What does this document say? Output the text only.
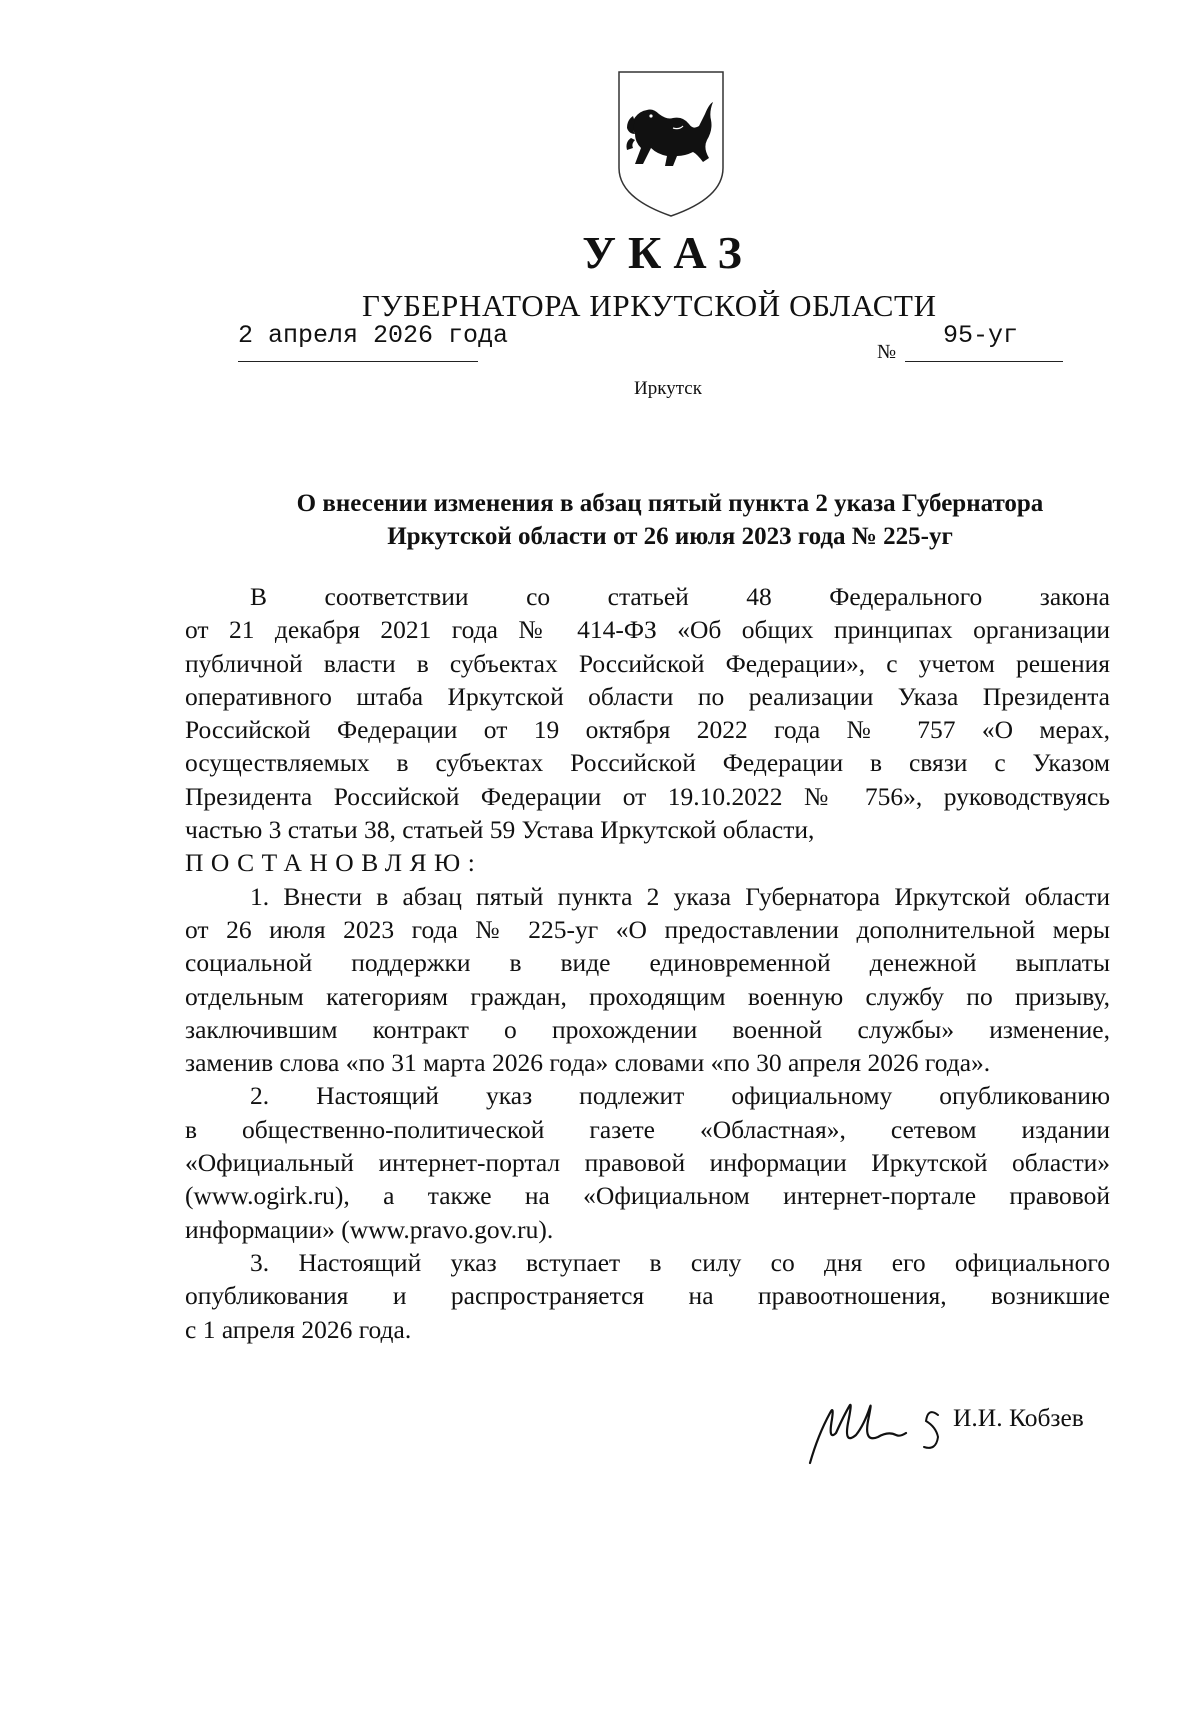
УКАЗ
ГУБЕРНАТОРА ИРКУТСКОЙ ОБЛАСТИ
2 апреля 2026 года
№
95-уг
Иркутск
О внесении изменения в абзац пятый пункта 2 указа Губернатора
Иркутской области от 26 июля 2023 года № 225-уг
В соответствии со статьей 48 Федерального закона
от 21 декабря 2021 года № 414-ФЗ «Об общих принципах организации
публичной власти в субъектах Российской Федерации», с учетом решения
оперативного штаба Иркутской области по реализации Указа Президента
Российской Федерации от 19 октября 2022 года № 757 «О мерах,
осуществляемых в субъектах Российской Федерации в связи с Указом
Президента Российской Федерации от 19.10.2022 № 756», руководствуясь
частью 3 статьи 38, статьей 59 Устава Иркутской области,
ПОСТАНОВЛЯЮ:
1. Внести в абзац пятый пункта 2 указа Губернатора Иркутской области
от 26 июля 2023 года № 225-уг «О предоставлении дополнительной меры
социальной поддержки в виде единовременной денежной выплаты
отдельным категориям граждан, проходящим военную службу по призыву,
заключившим контракт о прохождении военной службы» изменение,
заменив слова «по 31 марта 2026 года» словами «по 30 апреля 2026 года».
2. Настоящий указ подлежит официальному опубликованию
в общественно-политической газете «Областная», сетевом издании
«Официальный интернет-портал правовой информации Иркутской области»
(www.ogirk.ru), а также на «Официальном интернет-портале правовой
информации» (www.pravo.gov.ru).
3. Настоящий указ вступает в силу со дня его официального
опубликования и распространяется на правоотношения, возникшие
с 1 апреля 2026 года.
И.И. Кобзев
